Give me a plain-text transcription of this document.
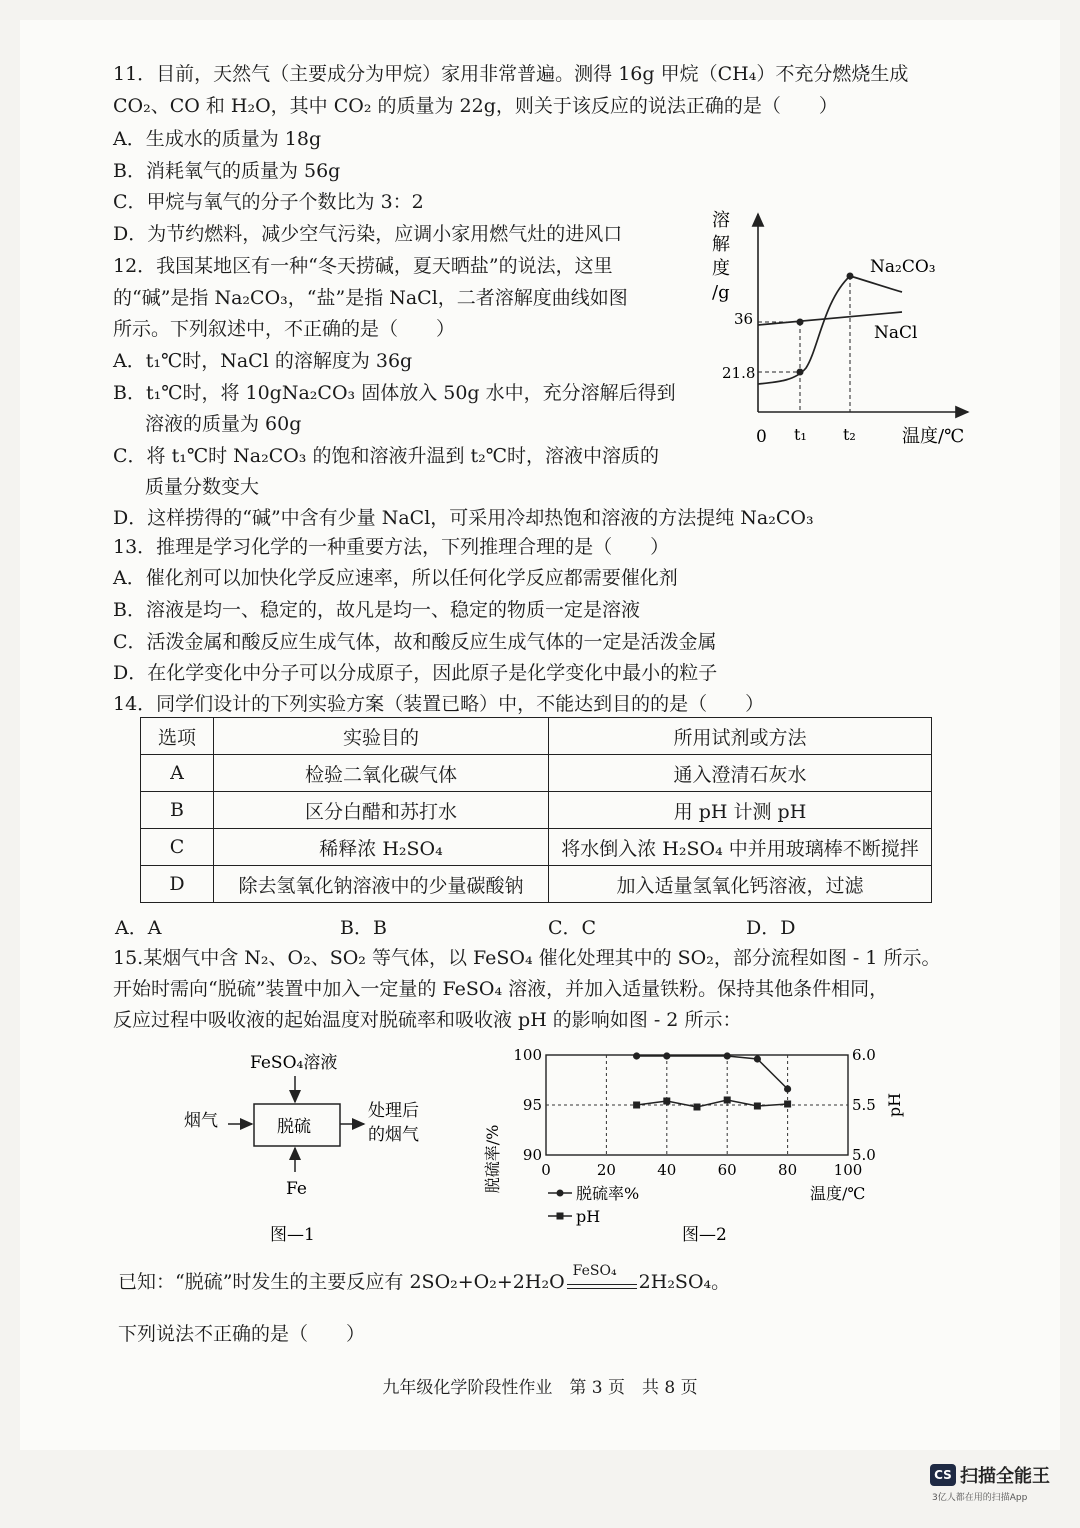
11．目前，天然气（主要成分为甲烷）家用非常普遍。测得 16g 甲烷（CH₄）不充分燃烧生成
CO₂、CO 和 H₂O，其中 CO₂ 的质量为 22g，则关于该反应的说法正确的是（　　）
A．生成水的质量为 18g
B．消耗氧气的质量为 56g
C．甲烷与氧气的分子个数比为 3：2
D．为节约燃料，减少空气污染，应调小家用燃气灶的进风口
12．我国某地区有一种“冬天捞碱，夏天晒盐”的说法，这里
的“碱”是指 Na₂CO₃，“盐”是指 NaCl，二者溶解度曲线如图
所示。下列叙述中，不正确的是（　　）
A．t₁℃时，NaCl 的溶解度为 36g
B．t₁℃时，将 10gNa₂CO₃ 固体放入 50g 水中，充分溶解后得到
溶液的质量为 60g
C．将 t₁℃时 Na₂CO₃ 的饱和溶液升温到 t₂℃时，溶液中溶质的
质量分数变大
D．这样捞得的“碱”中含有少量 NaCl，可采用冷却热饱和溶液的方法提纯 Na₂CO₃
溶
解
度
/g
0
36
21.8
Na₂CO₃
NaCl
t₁ t₂	温度/℃
13．推理是学习化学的一种重要方法，下列推理合理的是（　　）
A．催化剂可以加快化学反应速率，所以任何化学反应都需要催化剂
B．溶液是均一、稳定的，故凡是均一、稳定的物质一定是溶液
C．活泼金属和酸反应生成气体，故和酸反应生成气体的一定是活泼金属
D．在化学变化中分子可以分成原子，因此原子是化学变化中最小的粒子
14．同学们设计的下列实验方案（装置已略）中，不能达到目的的是（　　）
选项	实验目的	所用试剂或方法
A	检验二氧化碳气体	通入澄清石灰水
B	区分白醋和苏打水	用 pH 计测 pH
C	稀释浓 H₂SO₄	将水倒入浓 H₂SO₄ 中并用玻璃棒不断搅拌
D	除去氢氧化钠溶液中的少量碳酸钠	加入适量氢氧化钙溶液，过滤
A．A	B．B	C．C	D．D
15.某烟气中含 N₂、O₂、SO₂ 等气体，以 FeSO₄ 催化处理其中的 SO₂，部分流程如图 - 1 所示。
开始时需向“脱硫”装置中加入一定量的 FeSO₄ 溶液，并加入适量铁粉。保持其他条件相同，
反应过程中吸收液的起始温度对脱硫率和吸收液 pH 的影响如图 - 2 所示：
FeSO₄溶液
脱硫
烟气	处理后
的烟气
Fe
图—1
0	20	40	60	80 100
90
95
100
5.0
5.5
6.0
脱硫率/%
pH
温度/℃
脱硫率%
pH
图—2
已知：“脱硫”时发生的主要反应有 2SO₂+O₂+2H₂O FeSO₄ 2H₂SO₄。
下列说法不正确的是（　　）
九年级化学阶段性作业　第 3 页　共 8 页
CS 扫描全能王
3亿人都在用的扫描App
